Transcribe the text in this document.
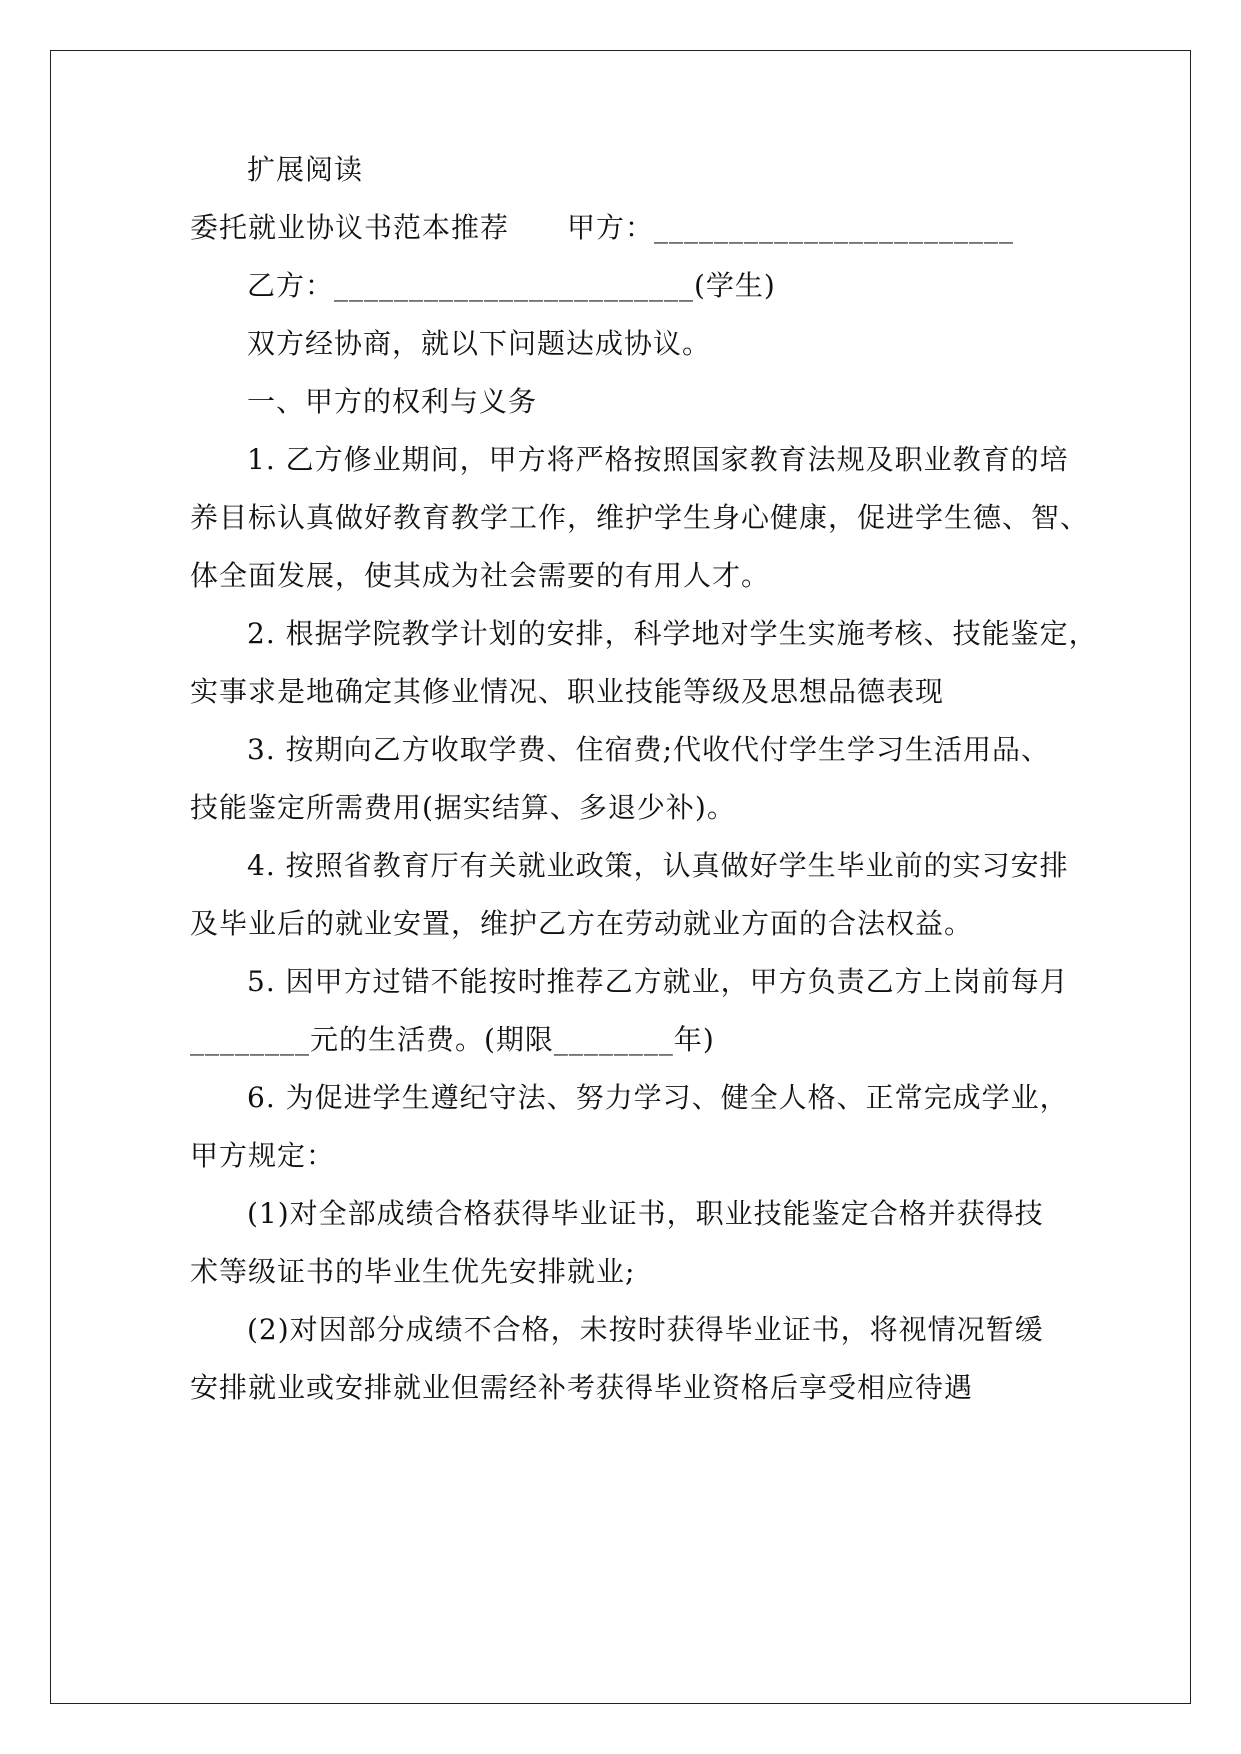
扩展阅读
委托就业协议书范本推荐　　甲方：________________________
乙方：________________________(学生)
双方经协商，就以下问题达成协议。
一、甲方的权利与义务
1. 乙方修业期间，甲方将严格按照国家教育法规及职业教育的培
养目标认真做好教育教学工作，维护学生身心健康，促进学生德、智、
体全面发展，使其成为社会需要的有用人才。
2. 根据学院教学计划的安排，科学地对学生实施考核、技能鉴定，
实事求是地确定其修业情况、职业技能等级及思想品德表现
3. 按期向乙方收取学费、住宿费;代收代付学生学习生活用品、
技能鉴定所需费用(据实结算、多退少补)。
4. 按照省教育厅有关就业政策，认真做好学生毕业前的实习安排
及毕业后的就业安置，维护乙方在劳动就业方面的合法权益。
5. 因甲方过错不能按时推荐乙方就业，甲方负责乙方上岗前每月
________元的生活费。(期限________年)
6. 为促进学生遵纪守法、努力学习、健全人格、正常完成学业，
甲方规定：
(1)对全部成绩合格获得毕业证书，职业技能鉴定合格并获得技
术等级证书的毕业生优先安排就业;
(2)对因部分成绩不合格，未按时获得毕业证书，将视情况暂缓
安排就业或安排就业但需经补考获得毕业资格后享受相应待遇
